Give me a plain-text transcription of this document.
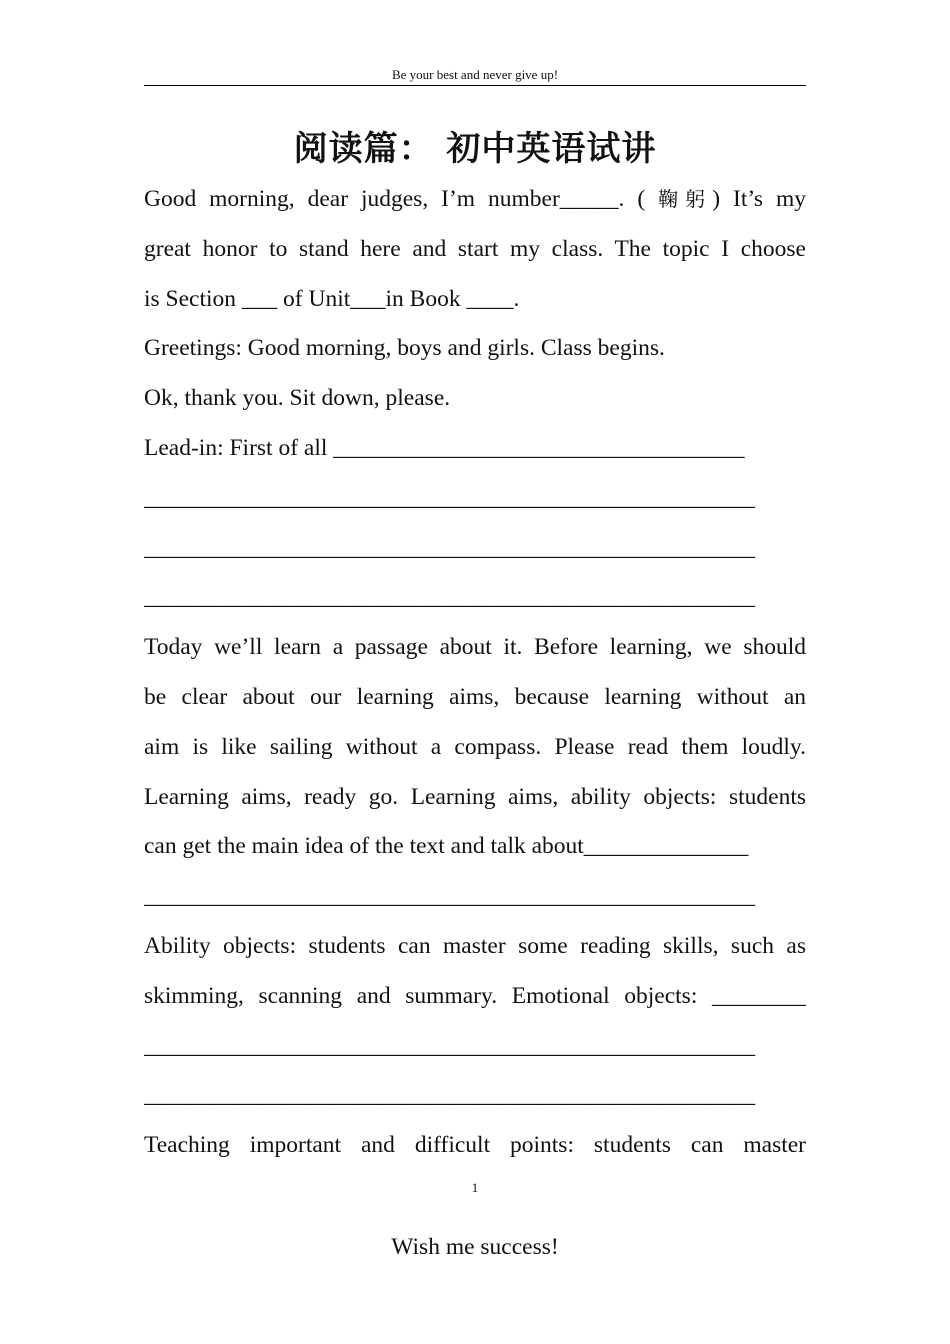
Be your best and never give up!
阅读篇： 初中英语试讲
Good morning, dear judges, I’m number_____. ( 鞠躬) It’s my
great honor to stand here and start my class. The topic I choose
is Section ___ of Unit___in Book ____.
Greetings: Good morning, boys and girls. Class begins.
Ok, thank you. Sit down, please.
Lead-in: First of all ___________________________________
____________________________________________________
____________________________________________________
____________________________________________________
Today we’ll learn a passage about it. Before learning, we should
be clear about our learning aims, because learning without an
aim is like sailing without a compass. Please read them loudly.
Learning aims, ready go. Learning aims, ability objects: students
can get the main idea of the text and talk about______________
____________________________________________________
Ability objects: students can master some reading skills, such as
skimming, scanning and summary. Emotional objects: ________
____________________________________________________
____________________________________________________
Teaching important and difficult points: students can master
1
Wish me success!
